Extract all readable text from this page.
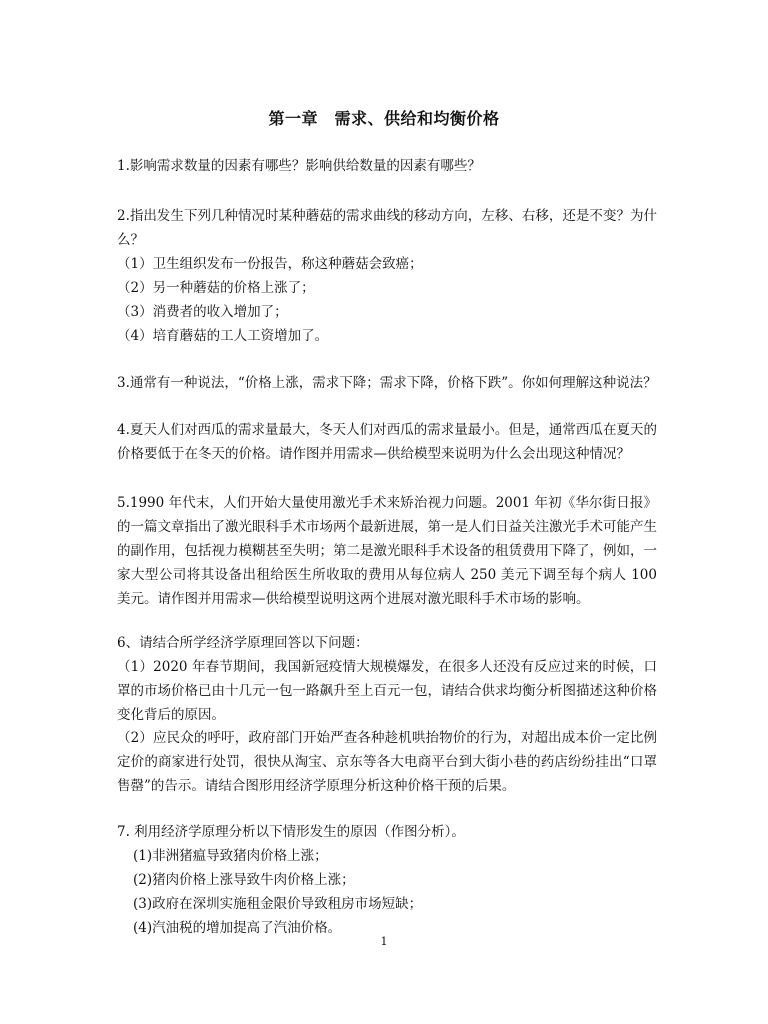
第一章　需求、供给和均衡价格

1.影响需求数量的因素有哪些？影响供给数量的因素有哪些？

2.指出发生下列几种情况时某种蘑菇的需求曲线的移动方向，左移、右移，还是不变？为什么？

（1）卫生组织发布一份报告，称这种蘑菇会致癌；

（2）另一种蘑菇的价格上涨了；

（3）消费者的收入增加了；

（4）培育蘑菇的工人工资增加了。

3.通常有一种说法，“价格上涨，需求下降；需求下降，价格下跌”。你如何理解这种说法？

4.夏天人们对西瓜的需求量最大，冬天人们对西瓜的需求量最小。但是，通常西瓜在夏天的价格要低于在冬天的价格。请作图并用需求—供给模型来说明为什么会出现这种情况？

5.1990 年代末，人们开始大量使用激光手术来矫治视力问题。2001 年初《华尔街日报》的一篇文章指出了激光眼科手术市场两个最新进展，第一是人们日益关注激光手术可能产生的副作用，包括视力模糊甚至失明；第二是激光眼科手术设备的租赁费用下降了，例如，一家大型公司将其设备出租给医生所收取的费用从每位病人 250 美元下调至每个病人 100 美元。请作图并用需求—供给模型说明这两个进展对激光眼科手术市场的影响。

6、请结合所学经济学原理回答以下问题：

（1）2020 年春节期间，我国新冠疫情大规模爆发，在很多人还没有反应过来的时候，口罩的市场价格已由十几元一包一路飙升至上百元一包，请结合供求均衡分析图描述这种价格变化背后的原因。

（2）应民众的呼吁，政府部门开始严查各种趁机哄抬物价的行为，对超出成本价一定比例定价的商家进行处罚，很快从淘宝、京东等各大电商平台到大街小巷的药店纷纷挂出“口罩售罄”的告示。请结合图形用经济学原理分析这种价格干预的后果。

7. 利用经济学原理分析以下情形发生的原因（作图分析）。

(1)非洲猪瘟导致猪肉价格上涨；

(2)猪肉价格上涨导致牛肉价格上涨；

(3)政府在深圳实施租金限价导致租房市场短缺；

(4)汽油税的增加提高了汽油价格。

1
